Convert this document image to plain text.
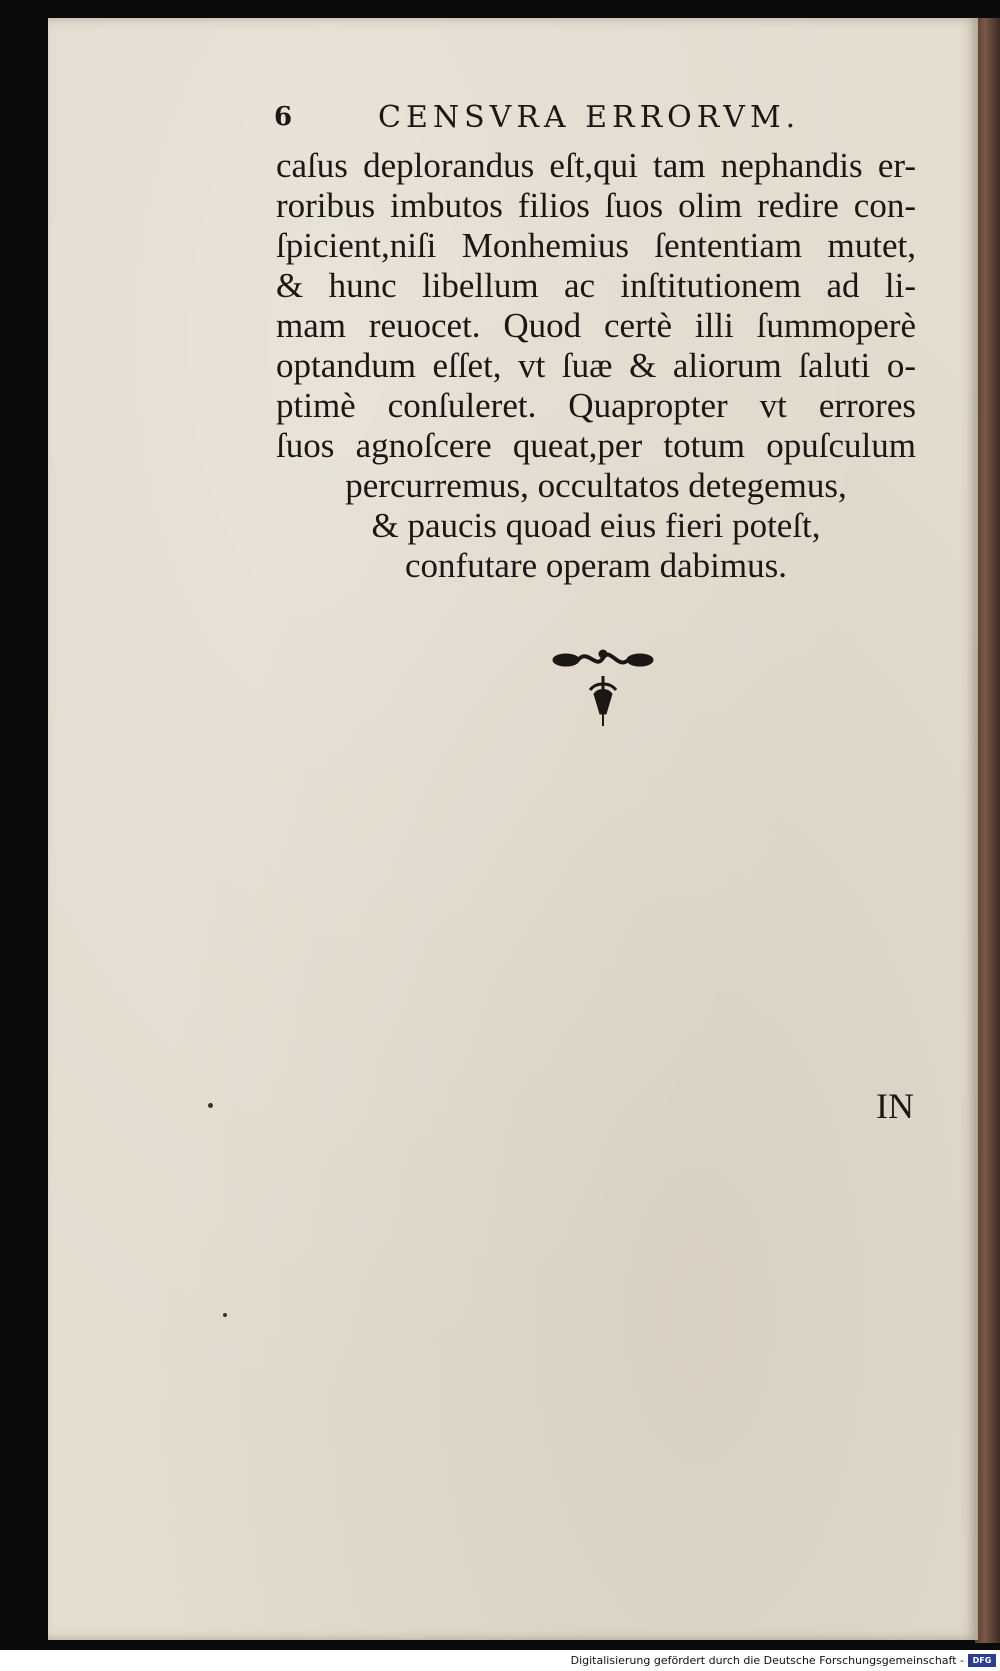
6	CENSVRA ERRORVM.
caſus deplorandus eſt,qui tam nephandis er-
roribus imbutos filios ſuos olim redire con-
ſpicient,niſi Monhemius ſententiam mutet,
& hunc libellum ac inſtitutionem ad li-
mam reuocet. Quod certè illi ſummoperè
optandum eſſet, vt ſuæ & aliorum ſaluti o-
ptimè conſuleret. Quapropter vt errores
ſuos agnoſcere queat,per totum opuſculum
percurremus, occultatos detegemus,
& paucis quoad eius fieri poteſt,
confutare operam dabimus.
IN
Digitalisierung gefördert durch die Deutsche Forschungsgemeinschaft -	DFG
